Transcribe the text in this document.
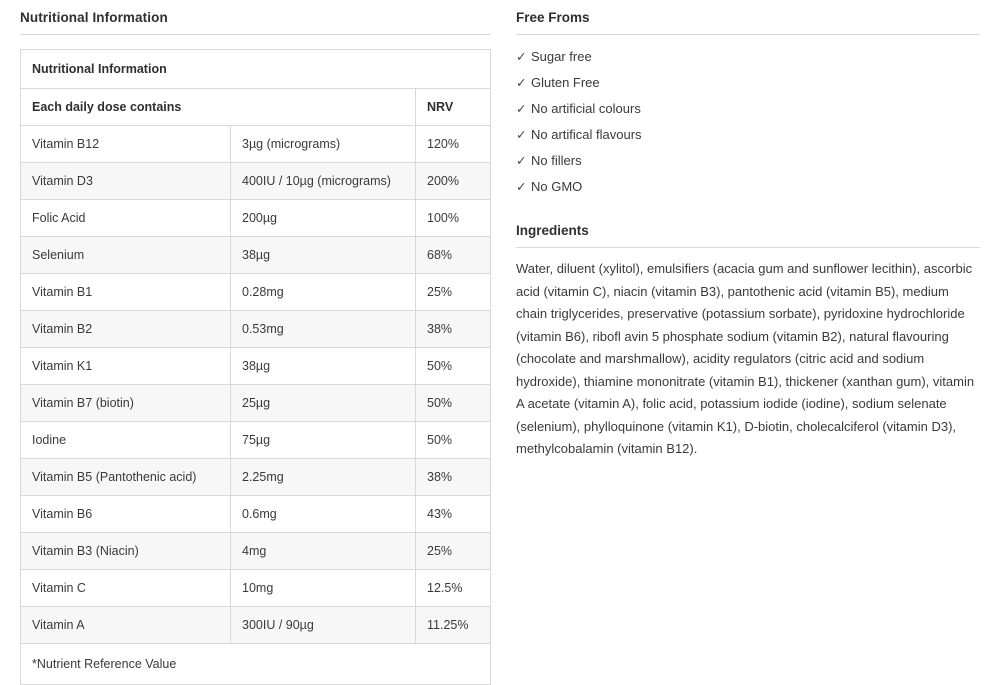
Nutritional Information
Nutritional Information		
Each daily dose contains		NRV
Vitamin B12	3µg (micrograms)	120%
Vitamin D3	400IU / 10µg (micrograms)	200%
Folic Acid	200µg	100%
Selenium	38µg	68%
Vitamin B1	0.28mg	25%
Vitamin B2	0.53mg	38%
Vitamin K1	38µg	50%
Vitamin B7 (biotin)	25µg	50%
Iodine	75µg	50%
Vitamin B5 (Pantothenic acid)	2.25mg	38%
Vitamin B6	0.6mg	43%
Vitamin B3 (Niacin)	4mg	25%
Vitamin C	10mg	12.5%
Vitamin A	300IU / 90µg	11.25%
*Nutrient Reference Value		
Free Froms
✓ Sugar free
✓ Gluten Free
✓ No artificial colours
✓ No artifical flavours
✓ No fillers
✓ No GMO
Ingredients

Water, diluent (xylitol), emulsifiers (acacia gum and sunflower lecithin), ascorbic acid (vitamin C), niacin (vitamin B3), pantothenic acid (vitamin B5), medium chain triglycerides, preservative (potassium sorbate), pyridoxine hydrochloride (vitamin B6), ribofl avin 5 phosphate sodium (vitamin B2), natural flavouring (chocolate and marshmallow), acidity regulators (citric acid and sodium hydroxide), thiamine mononitrate (vitamin B1), thickener (xanthan gum), vitamin A acetate (vitamin A), folic acid, potassium iodide (iodine), sodium selenate (selenium), phylloquinone (vitamin K1), D-biotin, cholecalciferol (vitamin D3), methylcobalamin (vitamin B12).
